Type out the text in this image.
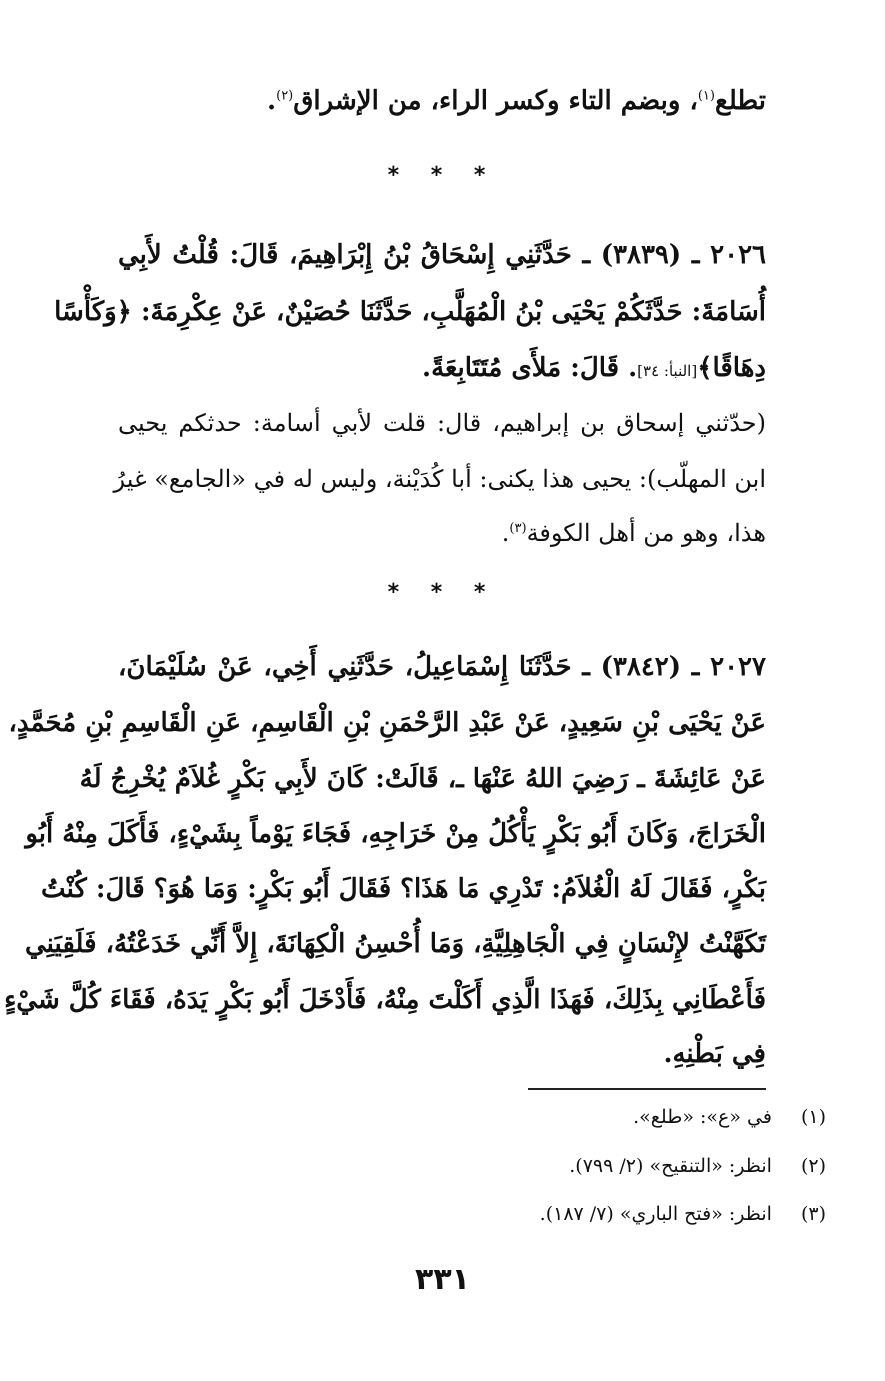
تطلع$^{(١)}$، وبضم التاء وكسر الراء، من الإشراق$^{(٢)}$.
* * *
٢٠٢٦ ـ (٣٨٣٩) ـ حَدَّثَنِي إِسْحَاقُ بْنُ إِبْرَاهِيمَ، قَالَ: قُلْتُ لأَبِي
أُسَامَةَ: حَدَّثَكُمْ يَحْيَى بْنُ الْمُهَلَّبِ، حَدَّثَنَا حُصَيْنٌ، عَنْ عِكْرِمَةَ: ﴿وَكَأْسًا
دِهَاقًا﴾[النبأ: ٣٤]. قَالَ: مَلأَى مُتَتَابِعَةً.
(حدّثني إسحاق بن إبراهيم، قال: قلت لأبي أسامة: حدثكم يحيى
ابن المهلّب): يحيى هذا يكنى: أبا كُدَيْنة، وليس له في «الجامع» غيرُ
هذا، وهو من أهل الكوفة$^{(٣)}$.
* * *
٢٠٢٧ ـ (٣٨٤٢) ـ حَدَّثَنَا إِسْمَاعِيلُ، حَدَّثَنِي أَخِي، عَنْ سُلَيْمَانَ،
عَنْ يَحْيَى بْنِ سَعِيدٍ، عَنْ عَبْدِ الرَّحْمَنِ بْنِ الْقَاسِمِ، عَنِ الْقَاسِمِ بْنِ مُحَمَّدٍ،
عَنْ عَائِشَةَ ـ رَضِيَ اللهُ عَنْهَا ـ، قَالَتْ: كَانَ لأَبِي بَكْرٍ غُلاَمٌ يُخْرِجُ لَهُ
الْخَرَاجَ، وَكَانَ أَبُو بَكْرٍ يَأْكُلُ مِنْ خَرَاجِهِ، فَجَاءَ يَوْماً بِشَيْءٍ، فَأَكَلَ مِنْهُ أَبُو
بَكْرٍ، فَقَالَ لَهُ الْغُلاَمُ: تَدْرِي مَا هَذَا؟ فَقَالَ أَبُو بَكْرٍ: وَمَا هُوَ؟ قَالَ: كُنْتُ
تَكَهَّنْتُ لإِنْسَانٍ فِي الْجَاهِلِيَّةِ، وَمَا أُحْسِنُ الْكِهَانَةَ، إِلاَّ أَنِّي خَدَعْتُهُ، فَلَقِيَنِي
فَأَعْطَانِي بِذَلِكَ، فَهَذَا الَّذِي أَكَلْتَ مِنْهُ، فَأَدْخَلَ أَبُو بَكْرٍ يَدَهُ، فَقَاءَ كُلَّ شَيْءٍ
فِي بَطْنِهِ.
(١) في «ع»: «طلع».
(٢) انظر: «التنقيح» (٢/ ٧٩٩).
(٣) انظر: «فتح الباري» (٧/ ١٨٧).
٣٣١
